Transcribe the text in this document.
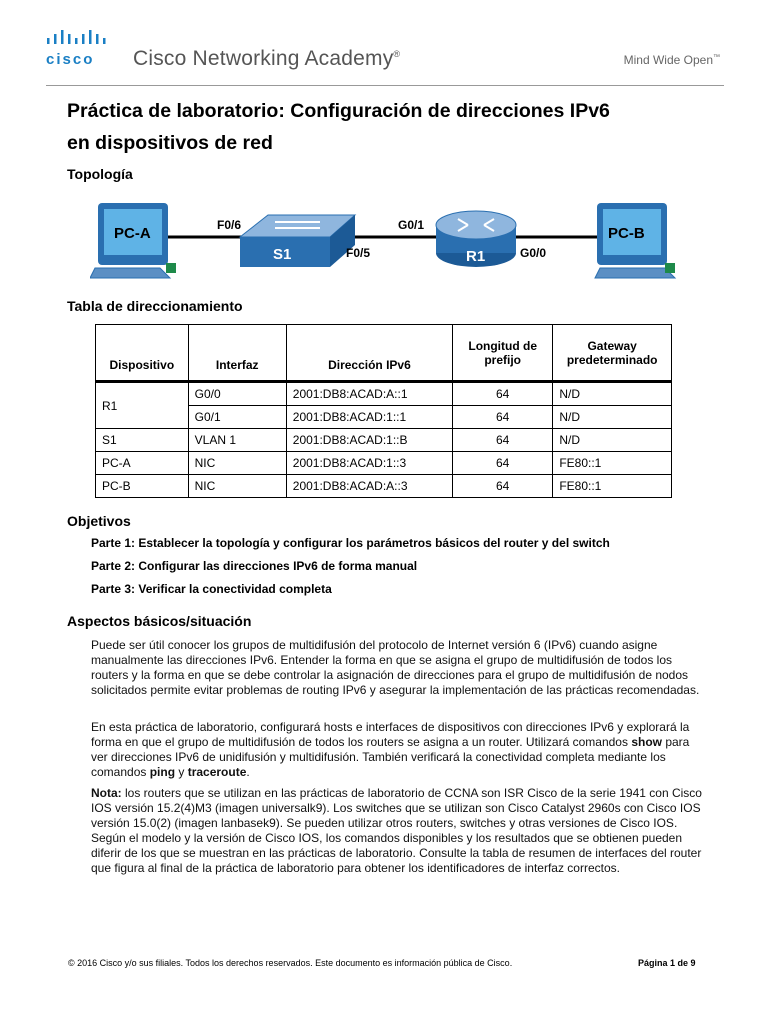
cisco Cisco Networking Academy®	Mind Wide Open™
Práctica de laboratorio: Configuración de direcciones IPv6
en dispositivos de red
Topología
PC-A
S1	R1
PC-B
F0/6
F0/5
G0/1
G0/0
Tabla de direccionamiento
Dispositivo	Interfaz	Dirección IPv6	Longitud de prefijo	Gateway predeterminado
R1	G0/0	2001:DB8:ACAD:A::1	64	N/D
	G0/1	2001:DB8:ACAD:1::1	64	N/D
S1	VLAN 1	2001:DB8:ACAD:1::B	64	N/D
PC-A	NIC	2001:DB8:ACAD:1::3	64	FE80::1
PC-B	NIC	2001:DB8:ACAD:A::3	64	FE80::1
Objetivos
Parte 1: Establecer la topología y configurar los parámetros básicos del router y del switch
Parte 2: Configurar las direcciones IPv6 de forma manual
Parte 3: Verificar la conectividad completa
Aspectos básicos/situación
Puede ser útil conocer los grupos de multidifusión del protocolo de Internet versión 6 (IPv6) cuando asigne manualmente las direcciones IPv6. Entender la forma en que se asigna el grupo de multidifusión de todos los routers y la forma en que se debe controlar la asignación de direcciones para el grupo de multidifusión de nodos solicitados permite evitar problemas de routing IPv6 y asegurar la implementación de las prácticas recomendadas.
En esta práctica de laboratorio, configurará hosts e interfaces de dispositivos con direcciones IPv6 y explorará la forma en que el grupo de multidifusión de todos los routers se asigna a un router. Utilizará comandos show para ver direcciones IPv6 de unidifusión y multidifusión. También verificará la conectividad completa mediante los comandos ping y traceroute.
Nota: los routers que se utilizan en las prácticas de laboratorio de CCNA son ISR Cisco de la serie 1941 con Cisco IOS versión 15.2(4)M3 (imagen universalk9). Los switches que se utilizan son Cisco Catalyst 2960s con Cisco IOS versión 15.0(2) (imagen lanbasek9). Se pueden utilizar otros routers, switches y otras versiones de Cisco IOS. Según el modelo y la versión de Cisco IOS, los comandos disponibles y los resultados que se obtienen pueden diferir de los que se muestran en las prácticas de laboratorio. Consulte la tabla de resumen de interfaces del router que figura al final de la práctica de laboratorio para obtener los identificadores de interfaz correctos.
© 2016 Cisco y/o sus filiales. Todos los derechos reservados. Este documento es información pública de Cisco.	Página 1 de 9
